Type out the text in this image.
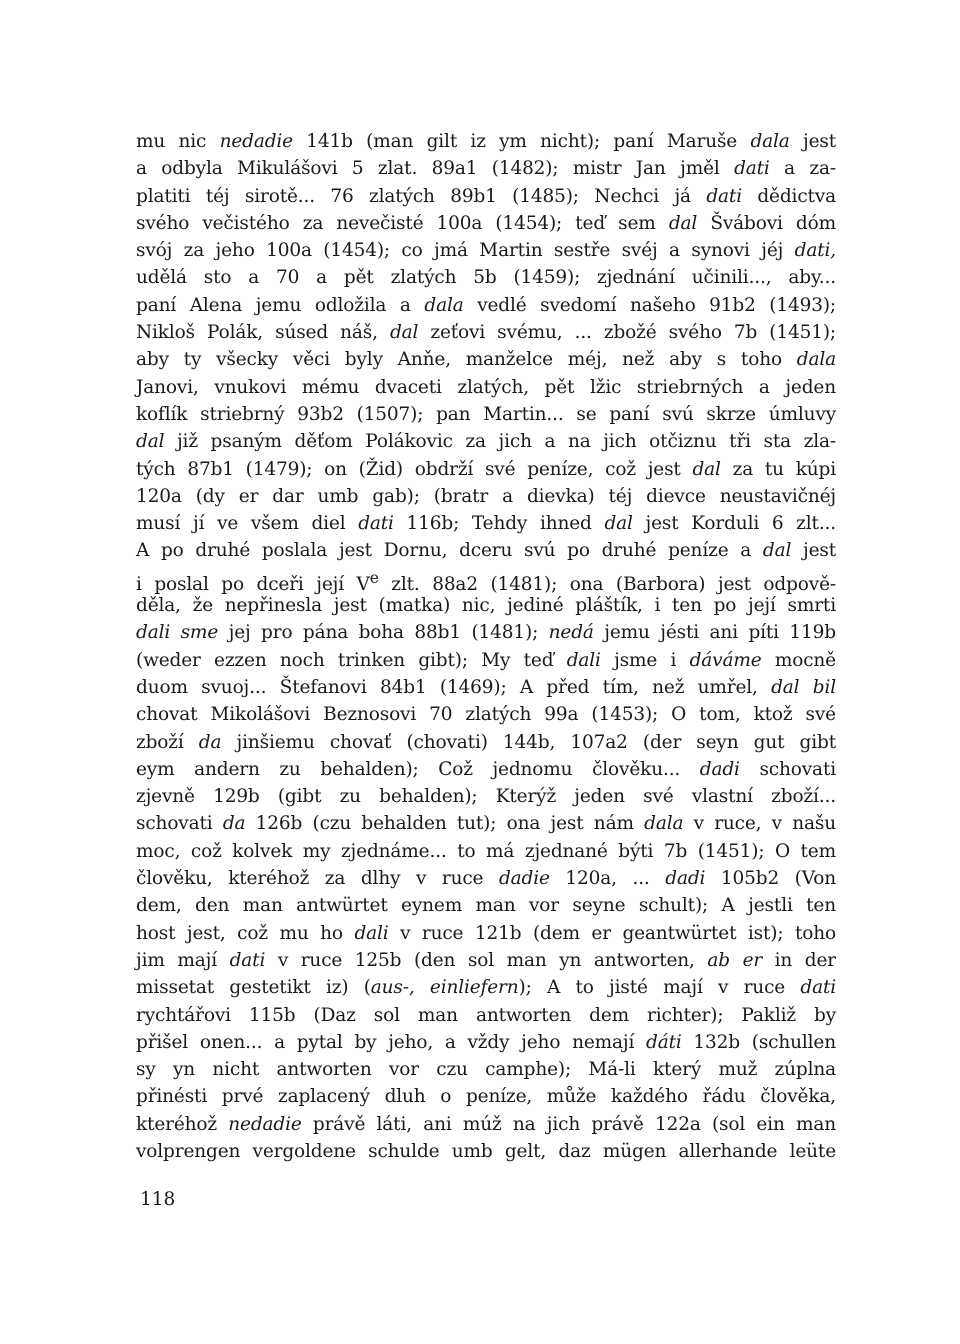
mu nic nedadie 141b (man gilt iz ym nicht); paní Maruše dala jest
a odbyla Mikulášovi 5 zlat. 89a1 (1482); mistr Jan jměl dati a za-
platiti téj sirotě... 76 zlatých 89b1 (1485); Nechci já dati dědictva
svého večistého za nevečisté 100a (1454); teď sem dal Švábovi dóm
svój za jeho 100a (1454); co jmá Martin sestře svéj a synovi jéj dati,
udělá sto a 70 a pět zlatých 5b (1459); zjednání učinili..., aby...
paní Alena jemu odložila a dala vedlé svedomí našeho 91b2 (1493);
Nikloš Polák, súsed náš, dal zeťovi svému, ... zbožé svého 7b (1451);
aby ty všecky věci byly Anňe, manželce méj, než aby s toho dala
Janovi, vnukovi mému dvaceti zlatých, pět lžic striebrných a jeden
koflík striebrný 93b2 (1507); pan Martin... se paní svú skrze úmluvy
dal již psaným děťom Polákovic za jich a na jich otčiznu tři sta zla-
tých 87b1 (1479); on (Žid) obdrží své peníze, což jest dal za tu kúpi
120a (dy er dar umb gab); (bratr a dievka) téj dievce neustavičnéj
musí jí ve všem diel dati 116b; Tehdy ihned dal jest Korduli 6 zlt...
A po druhé poslala jest Dornu, dceru svú po druhé peníze a dal jest
i poslal po dceři její Ve zlt. 88a2 (1481); ona (Barbora) jest odpově-
děla, že nepřinesla jest (matka) nic, jediné pláštík, i ten po její smrti
dali sme jej pro pána boha 88b1 (1481); nedá jemu jésti ani píti 119b
(weder ezzen noch trinken gibt); My teď dali jsme i dáváme mocně
duom svuoj... Štefanovi 84b1 (1469); A před tím, než umřel, dal bil
chovat Mikolášovi Beznosovi 70 zlatých 99a (1453); O tom, ktož své
zboží da jinšiemu chovať (chovati) 144b, 107a2 (der seyn gut gibt
eym andern zu behalden); Což jednomu člověku... dadi schovati
zjevně 129b (gibt zu behalden); Kterýž jeden své vlastní zboží...
schovati da 126b (czu behalden tut); ona jest nám dala v ruce, v našu
moc, což kolvek my zjednáme... to má zjednané býti 7b (1451); O tem
člověku, kteréhož za dlhy v ruce dadie 120a, ... dadi 105b2 (Von
dem, den man antwürtet eynem man vor seyne schult); A jestli ten
host jest, což mu ho dali v ruce 121b (dem er geantwürtet ist); toho
jim mají dati v ruce 125b (den sol man yn antworten, ab er in der
missetat gestetikt iz) (aus-, einliefern); A to jisté mají v ruce dati
rychtářovi 115b (Daz sol man antworten dem richter); Pakliž by
přišel onen... a pytal by jeho, a vždy jeho nemají dáti 132b (schullen
sy yn nicht antworten vor czu camphe); Má-li který muž zúplna
přinésti prvé zaplacený dluh o peníze, může každého řádu člověka,
kteréhož nedadie právě láti, ani múž na jich právě 122a (sol ein man
volprengen vergoldene schulde umb gelt, daz mügen allerhande leüte
118
